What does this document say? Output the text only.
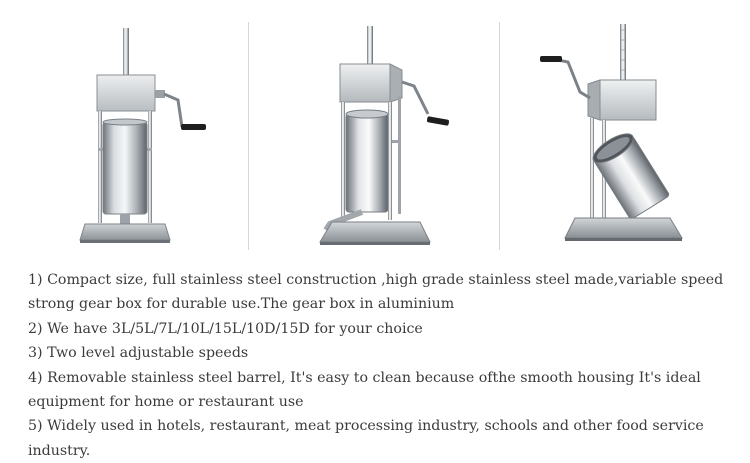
1) Compact size, full stainless steel construction ,high grade stainless steel made,variable speed strong gear box for durable use.The gear box in aluminium
2) We have 3L/5L/7L/10L/15L/10D/15D for your choice
3) Two level adjustable speeds
4) Removable stainless steel barrel, It's easy to clean because ofthe smooth housing It's ideal equipment for home or restaurant use
5) Widely used in hotels, restaurant, meat processing industry, schools and other food service industry.
